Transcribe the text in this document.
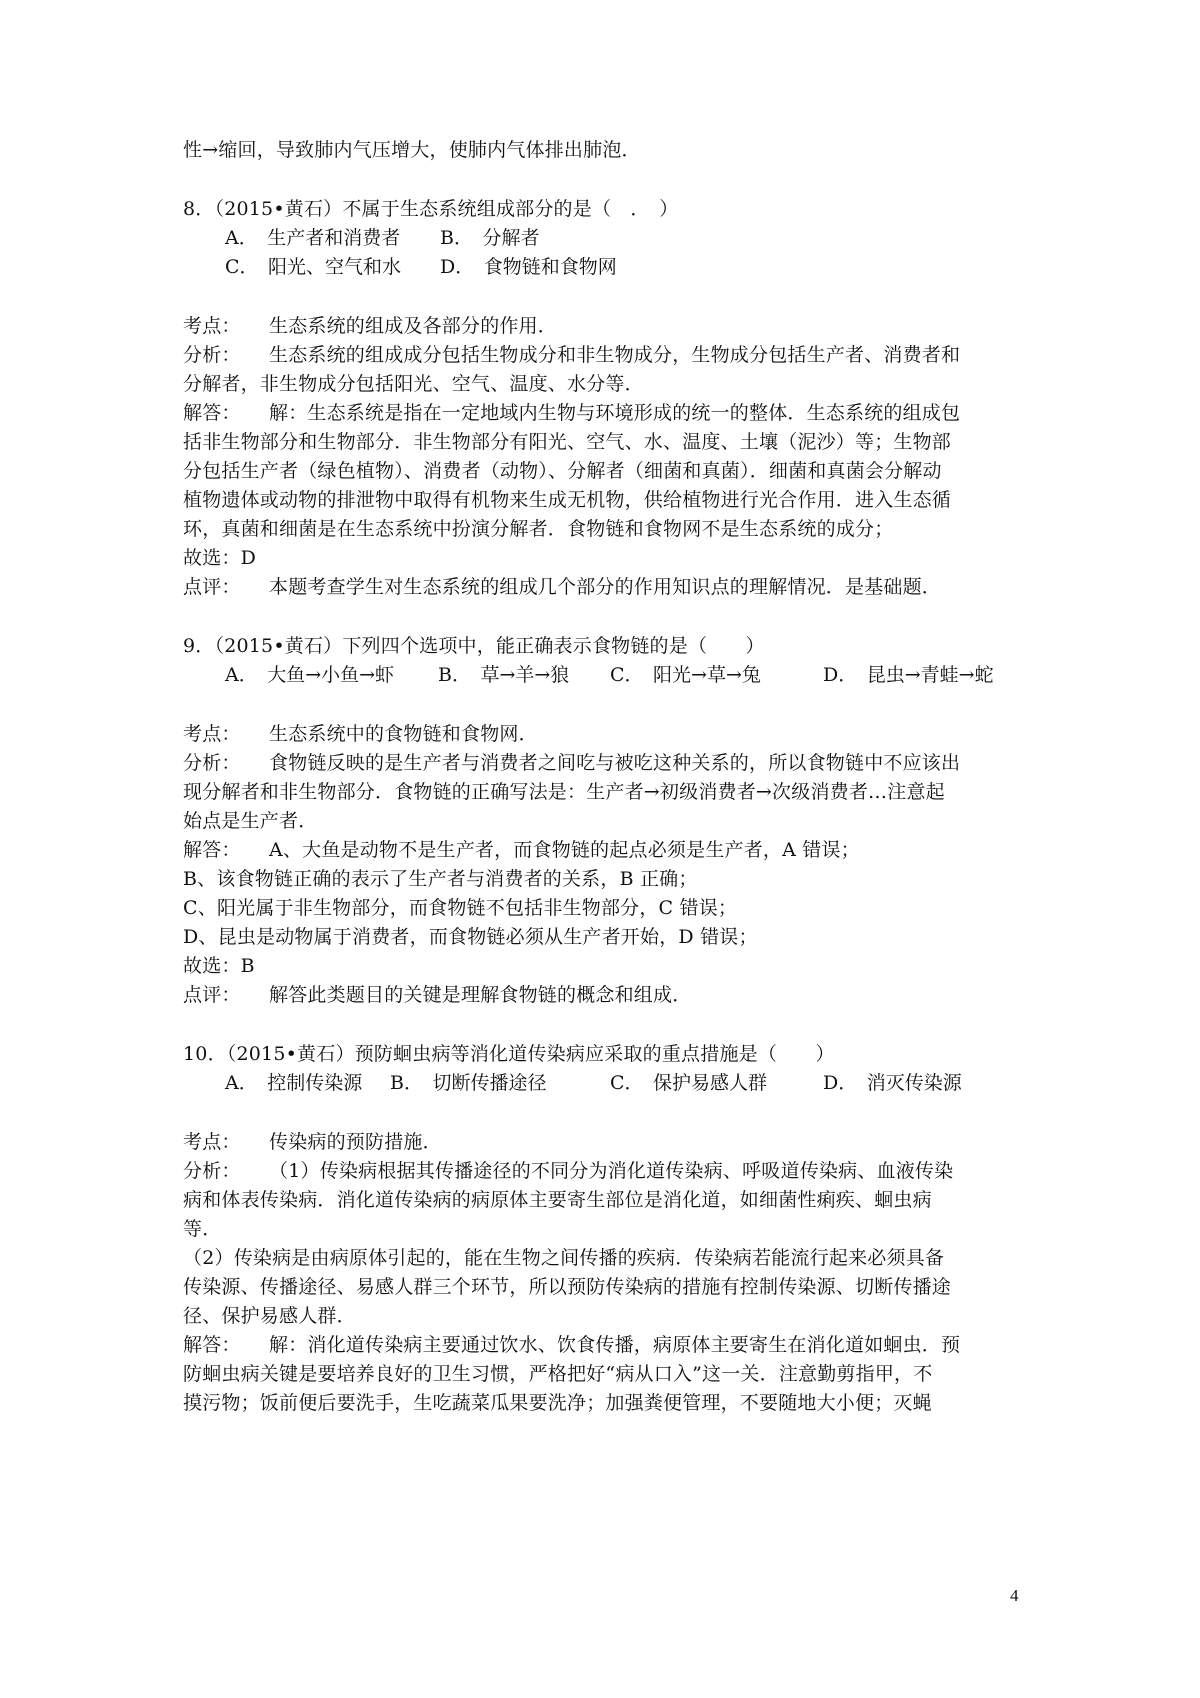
性→缩回，导致肺内气压增大，使肺内气体排出肺泡．
8．（2015•黄石）不属于生态系统组成部分的是（　．　）
A．　生产者和消费者 B．　分解者
C．　阳光、空气和水 D．　食物链和食物网
考点： 生态系统的组成及各部分的作用．
分析： 生态系统的组成成分包括生物成分和非生物成分，生物成分包括生产者、消费者和
分解者，非生物成分包括阳光、空气、温度、水分等．
解答： 解：生态系统是指在一定地域内生物与环境形成的统一的整体．生态系统的组成包
括非生物部分和生物部分．非生物部分有阳光、空气、水、温度、土壤（泥沙）等；生物部
分包括生产者（绿色植物）、消费者（动物）、分解者（细菌和真菌）．细菌和真菌会分解动
植物遗体或动物的排泄物中取得有机物来生成无机物，供给植物进行光合作用．进入生态循
环，真菌和细菌是在生态系统中扮演分解者．食物链和食物网不是生态系统的成分；
故选：D
点评： 本题考查学生对生态系统的组成几个部分的作用知识点的理解情况．是基础题．
9．（2015•黄石）下列四个选项中，能正确表示食物链的是（　　）
A．　大鱼→小鱼→虾 B．　草→羊→狼 C．　阳光→草→兔	D．　昆虫→青蛙→蛇
考点： 生态系统中的食物链和食物网．
分析： 食物链反映的是生产者与消费者之间吃与被吃这种关系的，所以食物链中不应该出
现分解者和非生物部分．食物链的正确写法是：生产者→初级消费者→次级消费者…注意起
始点是生产者．
解答： A、大鱼是动物不是生产者，而食物链的起点必须是生产者，A 错误；
B、该食物链正确的表示了生产者与消费者的关系，B 正确；
C、阳光属于非生物部分，而食物链不包括非生物部分，C 错误；
D、昆虫是动物属于消费者，而食物链必须从生产者开始，D 错误；
故选：B
点评： 解答此类题目的关键是理解食物链的概念和组成．
10．（2015•黄石）预防蛔虫病等消化道传染病应采取的重点措施是（　　）
A．　控制传染源 B．　切断传播途径	C．　保护易感人群	D．　消灭传染源
考点： 传染病的预防措施．
分析： （1）传染病根据其传播途径的不同分为消化道传染病、呼吸道传染病、血液传染
病和体表传染病．消化道传染病的病原体主要寄生部位是消化道，如细菌性痢疾、蛔虫病
等．
（2）传染病是由病原体引起的，能在生物之间传播的疾病．传染病若能流行起来必须具备
传染源、传播途径、易感人群三个环节，所以预防传染病的措施有控制传染源、切断传播途
径、保护易感人群．
解答： 解：消化道传染病主要通过饮水、饮食传播，病原体主要寄生在消化道如蛔虫．预
防蛔虫病关键是要培养良好的卫生习惯，严格把好“病从口入”这一关．注意勤剪指甲，不
摸污物；饭前便后要洗手，生吃蔬菜瓜果要洗净；加强粪便管理，不要随地大小便；灭蝇
4
